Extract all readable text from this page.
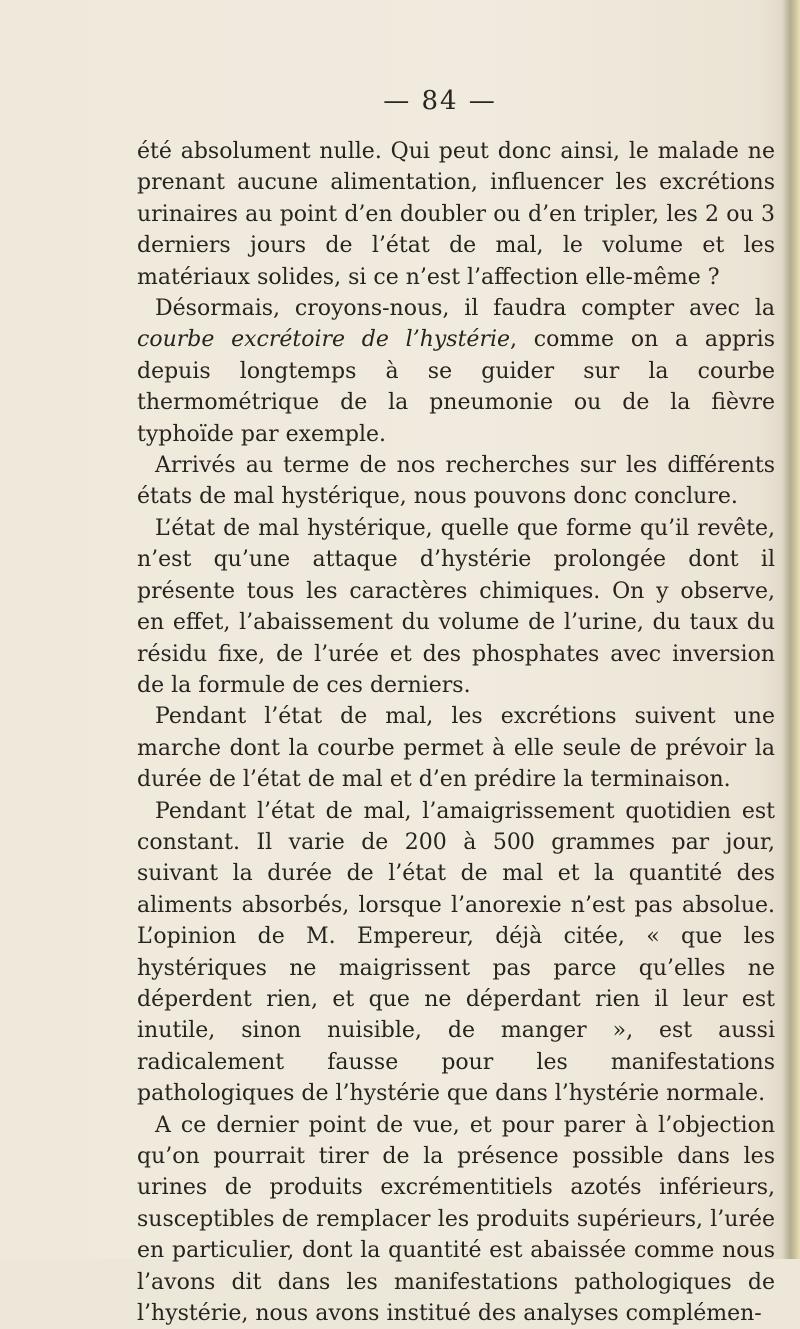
— 84 —

été absolument nulle. Qui peut donc ainsi, le malade ne prenant aucune alimentation, influencer les excrétions urinaires au point d’en doubler ou d’en tripler, les 2 ou 3 derniers jours de l’état de mal, le volume et les matériaux solides, si ce n’est l’affection elle-même ?

Désormais, croyons-nous, il faudra compter avec la courbe excrétoire de l’hystérie, comme on a appris depuis longtemps à se guider sur la courbe thermométrique de la pneumonie ou de la fièvre typhoïde par exemple.

Arrivés au terme de nos recherches sur les différents états de mal hystérique, nous pouvons donc conclure.

L’état de mal hystérique, quelle que forme qu’il revête, n’est qu’une attaque d’hystérie prolongée dont il présente tous les caractères chimiques. On y observe, en effet, l’abaissement du volume de l’urine, du taux du résidu fixe, de l’urée et des phosphates avec inversion de la formule de ces derniers.

Pendant l’état de mal, les excrétions suivent une marche dont la courbe permet à elle seule de prévoir la durée de l’état de mal et d’en prédire la terminaison.

Pendant l’état de mal, l’amaigrissement quotidien est constant. Il varie de 200 à 500 grammes par jour, suivant la durée de l’état de mal et la quantité des aliments absorbés, lorsque l’anorexie n’est pas absolue. L’opinion de M. Empereur, déjà citée, « que les hystériques ne maigrissent pas parce qu’elles ne déperdent rien, et que ne déperdant rien il leur est inutile, sinon nuisible, de manger », est aussi radicalement fausse pour les manifestations pathologiques de l’hystérie que dans l’hystérie normale.

A ce dernier point de vue, et pour parer à l’objection qu’on pourrait tirer de la présence possible dans les urines de produits excrémentitiels azotés inférieurs, susceptibles de remplacer les produits supérieurs, l’urée en particulier, dont la quantité est abaissée comme nous l’avons dit dans les manifestations pathologiques de l’hystérie, nous avons institué des analyses complémen-
